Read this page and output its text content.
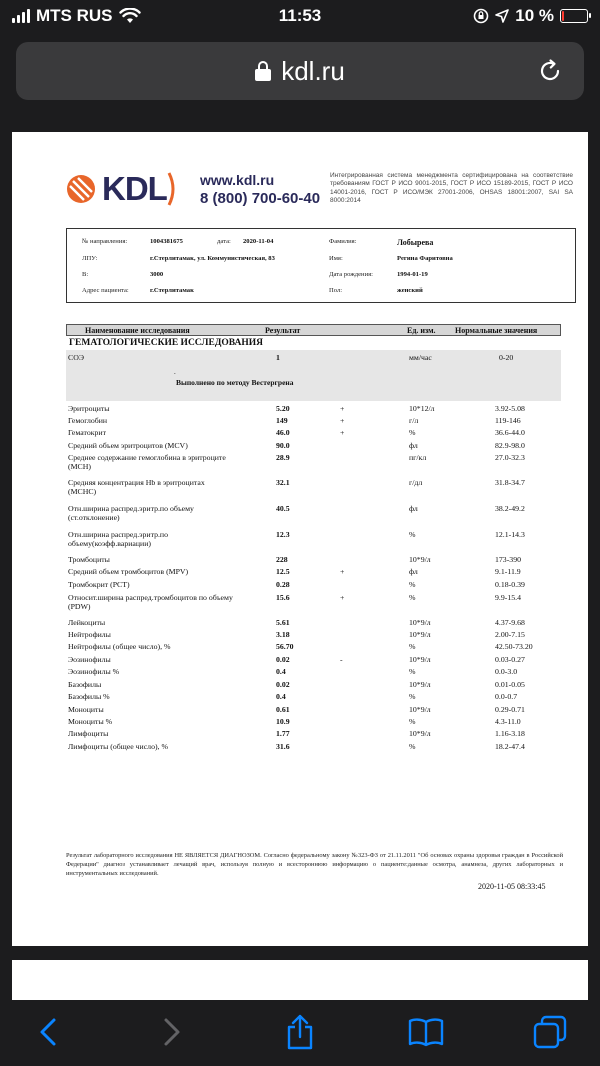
MTS RUS	11:53	10 %
kdl.ru
KDL www.kdl.ru
8 (800) 700-60-40
Интегрированная система менеджмента сертифицирована на соответствие требованиям ГОСТ Р ИСО 9001-2015, ГОСТ Р ИСО 15189-2015, ГОСТ Р ИСО 14001-2016, ГОСТ Р ИСО/МЭК 27001-2006, OHSAS 18001:2007, SAI SA 8000:2014
№ направления:	1004381675	дата: 2020-11-04
ЛПУ:	г.Стерлитамак, ул. Коммунистическая, 83
В:	3000
Адрес пациента:	г.Стерлитамак
Фамилия:	Лобырева
Имя:	Регина Фаритовна
Дата рождения:	1994-01-19
Пол:	женский
Наименование исследования	Результат	Ед. изм. Нормальные значения
ГЕМАТОЛОГИЧЕСКИЕ ИССЛЕДОВАНИЯ
СОЭ	1	мм/час	0-20
.
Выполнено по методу Вестергрена
Эритроциты	5.20	+	10*12/л	3.92-5.08
Гемоглобин	149	+	г/л	119-146
Гематокрит	46.0	+	%	36.6-44.0
Средний объем эритроцитов (MCV)	90.0	фл	82.9-98.0
Среднее содержание гемоглобина в эритроците (MCH)
28.9	пг/кл	27.0-32.3
Средняя концентрация Hb в эритроцитах (MCHC)
32.1	г/дл	31.8-34.7
Отн.ширина распред.эритр.по объему (ст.отклонение)
40.5	фл	38.2-49.2
Отн.ширина распред.эритр.по объему(коэфф.вариации)
12.3	%	12.1-14.3
Тромбоциты	228	10*9/л	173-390
Средний объем тромбоцитов (MPV)	12.5	+	фл	9.1-11.9
Тромбокрит (PCT)	0.28	%	0.18-0.39
Относит.ширина распред.тромбоцитов по объему (PDW)
15.6	+	%	9.9-15.4
Лейкоциты	5.61	10*9/л	4.37-9.68
Нейтрофилы	3.18	10*9/л	2.00-7.15
Нейтрофилы (общее число), %	56.70	%	42.50-73.20
Эозинофилы	0.02	-	10*9/л	0.03-0.27
Эозинофилы %	0.4	%	0.0-3.0
Базофилы	0.02	10*9/л	0.01-0.05
Базофилы %	0.4	%	0.0-0.7
Моноциты	0.61	10*9/л	0.29-0.71
Моноциты %	10.9	%	4.3-11.0
Лимфоциты	1.77	10*9/л	1.16-3.18
Лимфоциты (общее число), %	31.6	%	18.2-47.4
Результат лабораторного исследования НЕ ЯВЛЯЕТСЯ ДИАГНОЗОМ. Согласно федеральному закону №323-ФЗ от 21.11.2011 "Об основах охраны здоровья граждан в Российской Федерации" диагноз устанавливает лечащий врач, используя полную и всестороннюю информацию о пациенте:данные осмотра, анамнеза, других лабораторных и инструментальных исследований.
2020-11-05 08:33:45
